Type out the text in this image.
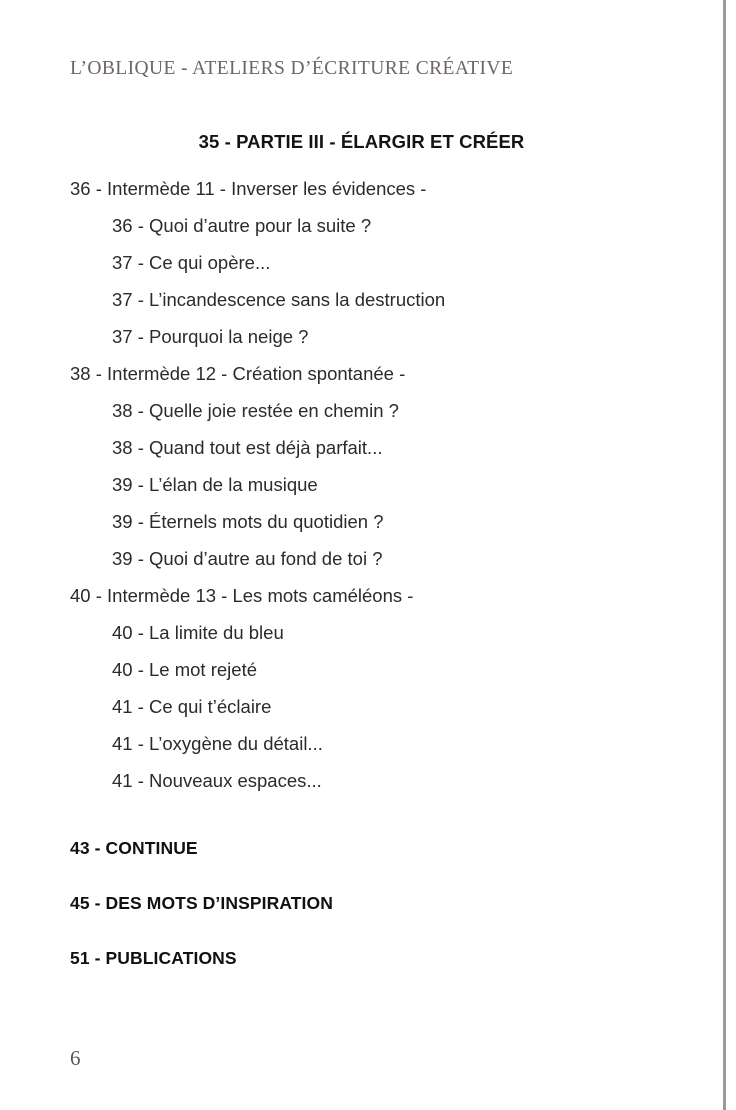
L’OBLIQUE - ATELIERS D’ÉCRITURE CRÉATIVE
35 - PARTIE III - ÉLARGIR ET CRÉER
36 - Intermède 11 - Inverser les évidences -
36 - Quoi d’autre pour la suite ?
37 - Ce qui opère...
37 - L’incandescence sans la destruction
37 - Pourquoi la neige ?
38 - Intermède 12 - Création spontanée -
38 - Quelle joie restée en chemin ?
38 - Quand tout est déjà parfait...
39 - L’élan de la musique
39 - Éternels mots du quotidien ?
39 - Quoi d’autre au fond de toi ?
40 - Intermède 13 - Les mots caméléons -
40 - La limite du bleu
40 - Le mot rejeté
41 - Ce qui t’éclaire
41 - L’oxygène du détail...
41 - Nouveaux espaces...
43 - CONTINUE
45 - DES MOTS D’INSPIRATION
51 - PUBLICATIONS
6
